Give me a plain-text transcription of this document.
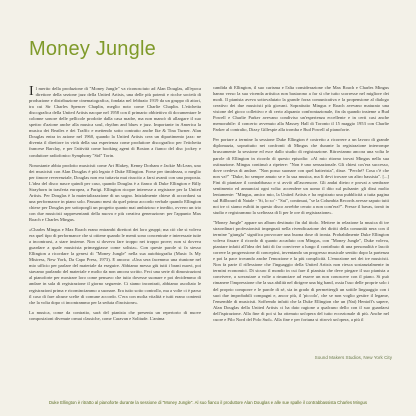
Money Jungle

Il merito della produzione di "Money Jungle" va riconosciuto ad Alan Douglas, all'epoca direttore della sezione jazz della United Artists, una delle più potenti e ricche società di produzione e distribuzione cinematografica, fondata nel febbraio 1919 da un gruppo di attori, tra cui Sir Charles Spencer Chaplin, meglio noto come Charlie Chaplin. L'etichetta discografica della United Artists nacque nel 1958 con il primario obbiettivo di documentare le colonne sonore delle pellicole prodotte dalla casa madre, ma non mancò di allargare il suo spettro d'azione anche alla musica soul, rhythm and blues e jazz. Importante in America la musica dei Beatles e dei Traffic e mettendo sotto contratto anche Ike & Tina Turner. Alan Douglas entra in azione nel 1960, quando la United Artists crea un dipartimento jazz: ne diventa il direttore in virtù della sua esperienza come produttore discografico per l'etichetta francese Barclay, e per l'attività come booking agent di Boston a fianco del disc jockey e conduttore radiofonico Symphony "Sid" Torin.

Nonostante abbia prodotto musicisti come Art Blakey, Kenny Dorham e Jackie McLean, uno dei musicisti con Alan Douglas è più legato è Duke Ellington. Forse per timidezza, o meglio per timore reverenziale, Douglas non era tuttavia mai riuscito a farsi avanti con una proposta. L'idea del disco nasce quindi per caso, quando Douglas è a fianco di Duke Ellington e Billy Strayhorn in trasferta europea, a Parigi. Ellington ricopre interesse a registrare per la United Artists. Per Douglas è la materializzazione di un sogno. Inizialmente chiese di accordarsi su una performance in piano solo. Passano mesi da quel primo accordo verbale quando Ellington chiese per Douglas per sottoporgli un progetto quanto mai ambizioso e inedito, ovvero un trio con due musicisti rappresentanti della nuova e più creativa generazione: per l'appunto Max Roach e Charles Mingus.

«Charles Mingus e Max Roach erano entrambi direttori dei loro gruppi; ma ciò che si voleva era quel tipo di performance che si ottiene quando le menti sono concentrate e interessate tutte a incontrarsi, a stare insieme. Non si doveva fare troppo nei troppo prove; non si doveva guardare a quale musicista primeggiasse come solista». Con queste parole si fa stesso Ellington a ricordare la genesi di "Money Jungle" nella sua autobiografia (Music Is My Mistress, New York, Da Capo Press, 1973). E ancora: «Una sera facemmo una riunione nel mio ufficio per parlare del materiale da eseguire. Abbiamo messo giù tutti i brani nuovi, poi stavamo parlando del materiale e molto da non ancora scritto. Feci una serie di dimostrazioni al pianoforte per mostrare loro come pensavo che tutto dovesse suonare e poi decidemmo di andare in sala di registrazione il giorno seguente. Ci siamo incontrati, abbiamo ascoltato le registrazioni prima e ricominciammo a suonare. Era tutto sotto controllo, ma a volte ci è parso il caso di fare alcune scelte di comune accordo. C'era con molta vitalità e tutti erano contenti che la volta dopo ci incontrammo per la seduta d'incisione».

La musica, come da contratto, sarà del pianista che presenta un repertorio di nuove composizioni divenute ormai classiche, come Caravan e Solitude. L'anima

candida di Ellington, il suo carisma e l'alta considerazione che Max Roach e Charles Mingus hanno verso la sua vicenda artistica non bastarono a far sì che tutto scorresse nel migliore dei modi. Il pianista aveva sottovalutato la grande forza comunicativa e la propensione al dialogo creativo dei due musicisti più giovani. Soprattutto Mingus e Roach avevano maturato una visione del gioco collettivo e di certo alquanto confrontazionale, fin da quando insieme a Bud Powell e Charlie Parker avevano condiviso un'esperienza eccellente e in certi casi anche memorabile: il concerto avvenuto alla Massey Hall di Toronto il 15 maggio 1953 con Charlie Parker al contralto, Dizzy Gillespie alla tromba e Bud Powell al pianoforte.

Per portare a termine la sessione Duke Ellington è costretto a ricorrere a un lavoro di grande diplomazia, soprattutto nei confronti di Mingus che durante la registrazione interrompe bruscamente la sessione ed esce dallo studio di registrazione. Ritrovianno ancora una volta le parole di Ellington in ricordo di questo episodio: «Al mio ritorno trovai Mingus nella sua ostinazione. Mingus continuò a ripetere: "Non è uno sensazionale. Gli chiesi cos'era successo, dove credeva di andare. "Non posso suonare con quel batterista", disse. "Perché? Cosa c'è che non va?" "Duke, ho sempre amato se e la sua musica, ma lì devi trovare un altro bassista". [...] Fini di piantare il contrabbasso e si avviò all'ascensore. Gli andai dietro e provai a sembrare sentimento ed annunciai ogni volta: accendere un uomo il dito sul pulsante: gli dissi molto lentamente: "Mingus, amico mio, la United Artists e ha registrato una pubblicità a tutta pagina sul Billboard di Natale - 'Si, lo so' - "Sai", continuai, "se la Columbia Records avesse saputo tutti noi tre ci siamo esibiti in questo disco avrebbe cerato a non com'era?". Presse il bavas, tornò in studio e registrammo la sceltezza di lì per le ore di registrazione».

"Money Jungle" appare un album destinato fin dal titolo. Mettere in relazione la musica di tre straordinari professionisti impegnati nella rivendicazione dei diritti della comunità nera con il termine "giungla" significa provocare una buona dose di ironia. Probabilmente Duke Ellington voleva fissare il ricordo di quanto accaduto con Mingus, con "Money Jungle", Duke voleva, piantare infatti all'idea dei fatti di far convivere a lungo il contributo di una personalità e lasciò correre la progressione di concepirsi, inventando un progresso musicale sentito dopo la partenza e poi la pace trovando anche l'emozione e la più complicità. L'emozione nei dei tre musicisti. Non fa parte il riflessione che l'inguaggio della United Artists non riesca sostanzialmente in termini economici. Di sicuro il mondo in cui fare il pianista che deve piegare il suo pianista a convivere, a sovrastare a volte a rinunciare ad essere un non conoscere con il piano. Si può rimanere l'impressione che la sua abilità nel dirigere una big band, ossia l'uso delle proprie solo i del proprio comporre e le parole di sé, sia in grado di permettergli un sottile linguaggio con i suoi due improbabili compagni e, ancor più, il 'piccolo', che se non voglio gestire il legame, l'ensemble di musicisti. Soffrendo infatti che la Duke Ellington che un (Nat) Hentoff's sapere, Alan Douglas della United Artists ci ha dato ragione a qualcuno dello con il suo guardarsi dell'ispirazione. Alla fine di poi si ha ottenuto un'opera del tutto eccezionale di più. Anche nel cuore e Pilo Nord del Polo Sud». Alla fine e per fortuna si ritrovò un'opera, a più il

Sound Makers Studios, New York City
Duke Ellington è ritratto al pianoforte durante la sessione di "Money Jungle". Al suo fianco il produttore Alan Douglas e alle sue spalle il contrabbassista Charles Mingus
